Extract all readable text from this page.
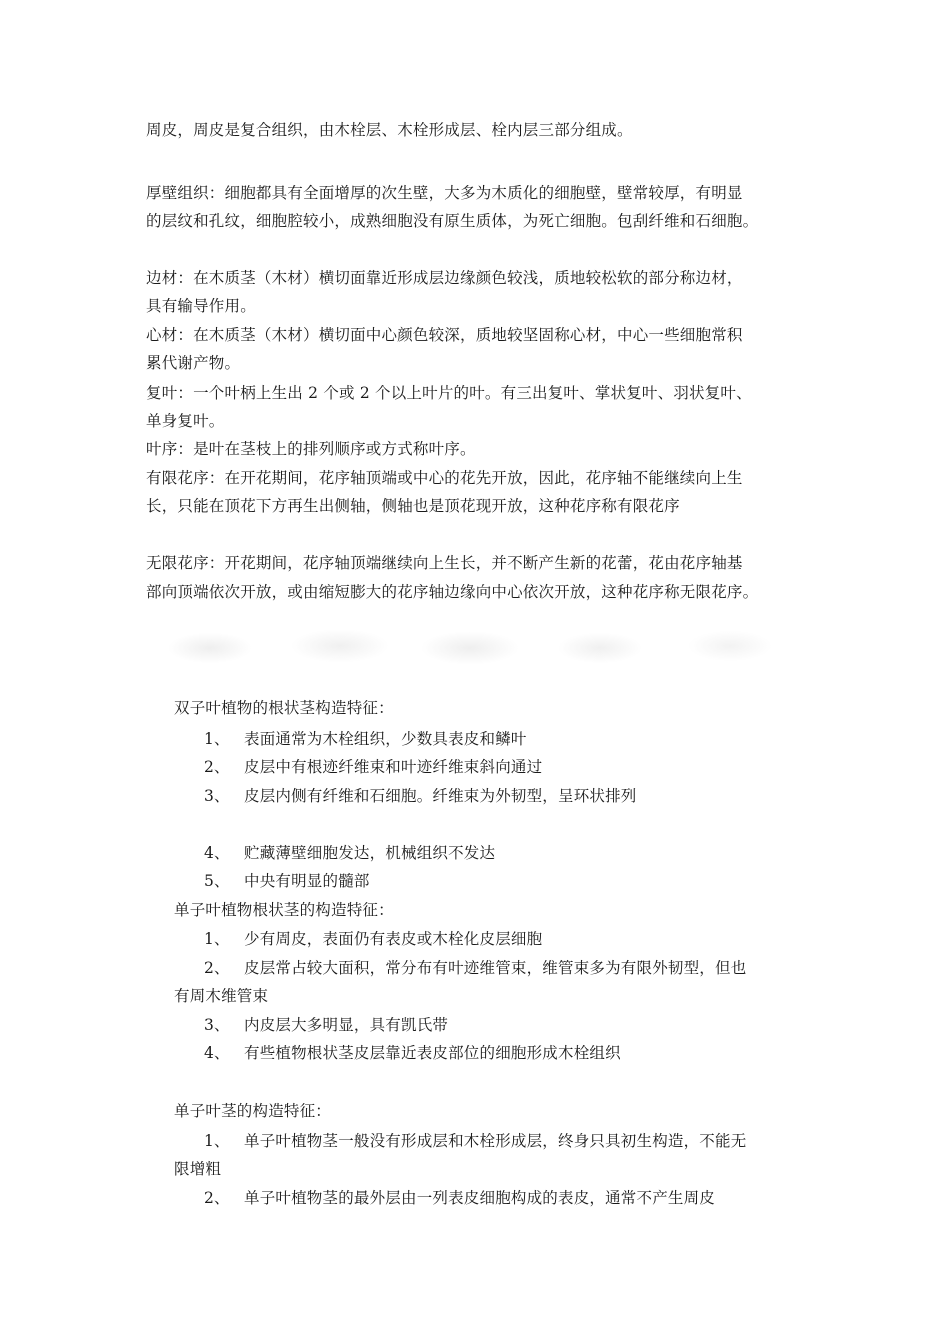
周皮，周皮是复合组织，由木栓层、木栓形成层、栓内层三部分组成。
厚壁组织：细胞都具有全面增厚的次生壁，大多为木质化的细胞壁，壁常较厚，有明显
的层纹和孔纹，细胞腔较小，成熟细胞没有原生质体，为死亡细胞。包刮纤维和石细胞。
边材：在木质茎（木材）横切面靠近形成层边缘颜色较浅，质地较松软的部分称边材，
具有输导作用。
心材：在木质茎（木材）横切面中心颜色较深，质地较坚固称心材，中心一些细胞常积
累代谢产物。
复叶：一个叶柄上生出 2 个或 2 个以上叶片的叶。有三出复叶、掌状复叶、羽状复叶、
单身复叶。
叶序：是叶在茎枝上的排列顺序或方式称叶序。
有限花序：在开花期间，花序轴顶端或中心的花先开放，因此，花序轴不能继续向上生
长，只能在顶花下方再生出侧轴，侧轴也是顶花现开放，这种花序称有限花序
无限花序：开花期间，花序轴顶端继续向上生长，并不断产生新的花蕾，花由花序轴基
部向顶端依次开放，或由缩短膨大的花序轴边缘向中心依次开放，这种花序称无限花序。
双子叶植物的根状茎构造特征：
1、 表面通常为木栓组织，少数具表皮和鳞叶
2、 皮层中有根迹纤维束和叶迹纤维束斜向通过
3、 皮层内侧有纤维和石细胞。纤维束为外韧型，呈环状排列
4、 贮藏薄壁细胞发达，机械组织不发达
5、 中央有明显的髓部
单子叶植物根状茎的构造特征：
1、 少有周皮，表面仍有表皮或木栓化皮层细胞
2、 皮层常占较大面积，常分布有叶迹维管束，维管束多为有限外韧型，但也
有周木维管束
3、 内皮层大多明显，具有凯氏带
4、 有些植物根状茎皮层靠近表皮部位的细胞形成木栓组织
单子叶茎的构造特征：
1、 单子叶植物茎一般没有形成层和木栓形成层，终身只具初生构造，不能无
限增粗
2、 单子叶植物茎的最外层由一列表皮细胞构成的表皮，通常不产生周皮
